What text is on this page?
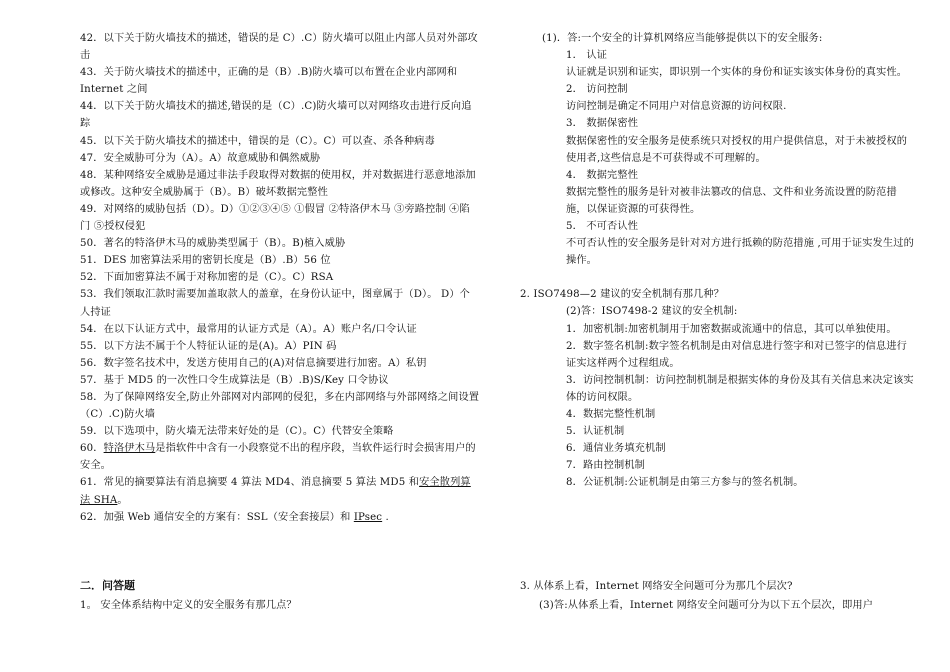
42．以下关于防火墙技术的描述，错误的是 C）.C）防火墙可以阻止内部人员对外部攻击

43．关于防火墙技术的描述中，正确的是（B）.B)防火墙可以布置在企业内部网和 Internet 之间

44．以下关于防火墙技术的描述,错误的是（C）.C)防火墙可以对网络攻击进行反向追踪

45．以下关于防火墙技术的描述中，错误的是（C）。C）可以查、杀各种病毒

47．安全威胁可分为（A）。A）故意威胁和偶然威胁

48．某种网络安全威胁是通过非法手段取得对数据的使用权，并对数据进行恶意地添加或修改。这种安全威胁属于（B）。B）破坏数据完整性

49．对网络的威胁包括（D）。D）①②③④⑤ ①假冒 ②特洛伊木马 ③旁路控制 ④陷门 ⑤授权侵犯

50．著名的特洛伊木马的威胁类型属于（B）。B)植入威胁

51．DES 加密算法采用的密钥长度是（B）.B）56 位

52．下面加密算法不属于对称加密的是（C）。C）RSA

53．我们领取汇款时需要加盖取款人的盖章，在身份认证中，图章属于（D）。 D）个人持证

54．在以下认证方式中，最常用的认证方式是（A）。A）账户名/口令认证

55．以下方法不属于个人特征认证的是(A)。A）PIN 码

56．数字签名技术中，发送方使用自己的(A)对信息摘要进行加密。A）私钥

57．基于 MD5 的一次性口令生成算法是（B）.B)S/Key 口令协议

58．为了保障网络安全,防止外部网对内部网的侵犯，多在内部网络与外部网络之间设置（C）.C)防火墙

59．以下选项中，防火墙无法带来好处的是（C）。C）代替安全策略

60．特洛伊木马是指软件中含有一小段察觉不出的程序段，当软件运行时会损害用户的安全。

61．常见的摘要算法有消息摘要 4 算法 MD4、消息摘要 5 算法 MD5 和安全散列算法 SHA。

62．加强 Web 通信安全的方案有：SSL（安全套接层）和 IPsec .

二．问答题

1。 安全体系结构中定义的安全服务有那几点？

(1)．答:一个安全的计算机网络应当能够提供以下的安全服务:

1． 认证

认证就是识别和证实，即识别一个实体的身份和证实该实体身份的真实性。

2． 访问控制

访问控制是确定不同用户对信息资源的访问权限.

3． 数据保密性

数据保密性的安全服务是使系统只对授权的用户提供信息，对于未被授权的使用者,这些信息是不可获得或不可理解的。

4． 数据完整性

数据完整性的服务是针对被非法篡改的信息、文件和业务流设置的防范措施，以保证资源的可获得性。

5． 不可否认性

不可否认性的安全服务是针对对方进行抵赖的防范措施 ,可用于证实发生过的操作。

2. ISO7498—2 建议的安全机制有那几种？

(2)答：ISO7498-2 建议的安全机制:

1．加密机制:加密机制用于加密数据或流通中的信息，其可以单独使用。

2．数字签名机制:数字签名机制是由对信息进行签字和对已签字的信息进行证实这样两个过程组成。

3．访问控制机制：访问控制机制是根据实体的身份及其有关信息来决定该实体的访问权限。

4．数据完整性机制

5．认证机制

6．通信业务填充机制

7．路由控制机制

8．公证机制:公证机制是由第三方参与的签名机制。

3. 从体系上看，Internet 网络安全问题可分为那几个层次?

(3)答:从体系上看，Internet 网络安全问题可分为以下五个层次，即用户
